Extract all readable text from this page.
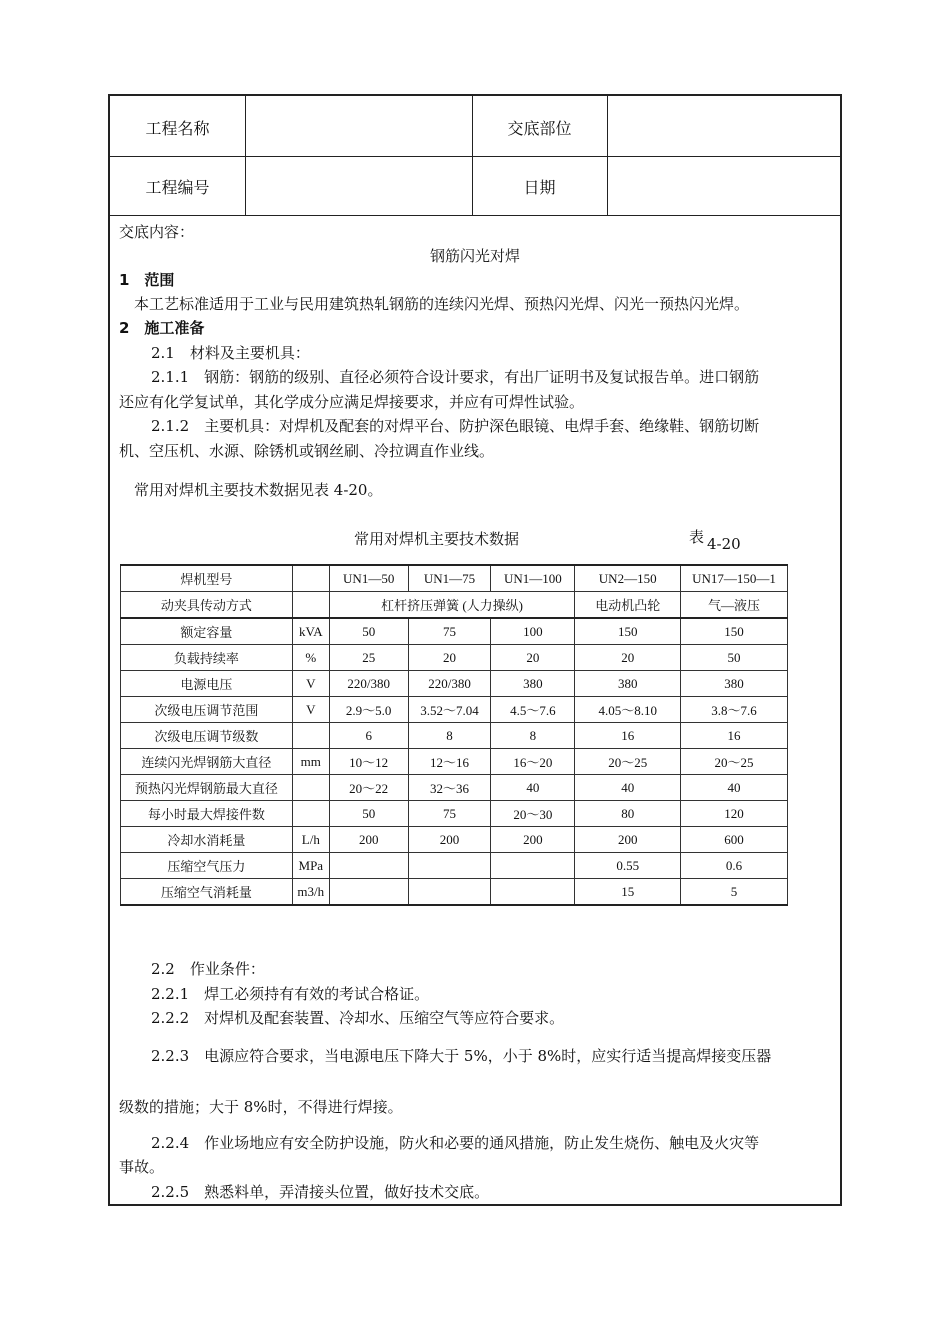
工程名称	交底部位
工程编号	日期
交底内容：
钢筋闪光对焊
1　范围
本工艺标准适用于工业与民用建筑热轧钢筋的连续闪光焊、预热闪光焊、闪光一预热闪光焊。
2　施工准备
2.1　材料及主要机具：
2.1.1　钢筋：钢筋的级别、直径必须符合设计要求，有出厂证明书及复试报告单。进口钢筋
还应有化学复试单，其化学成分应满足焊接要求，并应有可焊性试验。
2.1.2　主要机具：对焊机及配套的对焊平台、防护深色眼镜、电焊手套、绝缘鞋、钢筋切断
机、空压机、水源、除锈机或钢丝刷、冷拉调直作业线。
常用对焊机主要技术数据见表 4-20。
常用对焊机主要技术数据	表 4-20
焊机型号		UN1—50	UN1—75	UN1—100	UN2—150	UN17—150—1
动夹具传动方式		杠杆挤压弹簧 (人力操纵)			电动机凸轮	气—液压
额定容量	kVA	50	75	100	150	150
负载持续率	%	25	20	20	20	50
电源电压	V	220/380	220/380	380	380	380
次级电压调节范围	V	2.9～5.0	3.52～7.04	4.5～7.6	4.05～8.10	3.8～7.6
次级电压调节级数		6	8	8	16	16
连续闪光焊钢筋大直径	mm	10～12	12～16	16～20	20～25	20～25
预热闪光焊钢筋最大直径		20～22	32～36	40	40	40
每小时最大焊接件数		50	75	20～30	80	120
冷却水消耗量	L/h	200	200	200	200	600
压缩空气压力	MPa				0.55	0.6
压缩空气消耗量	m3/h				15	5
2.2　作业条件：
2.2.1　焊工必须持有有效的考试合格证。
2.2.2　对焊机及配套装置、冷却水、压缩空气等应符合要求。
2.2.3　电源应符合要求，当电源电压下降大于 5%，小于 8%时，应实行适当提高焊接变压器
级数的措施；大于 8%时，不得进行焊接。
2.2.4　作业场地应有安全防护设施，防火和必要的通风措施，防止发生烧伤、触电及火灾等
事故。
2.2.5　熟悉料单，弄清接头位置，做好技术交底。
